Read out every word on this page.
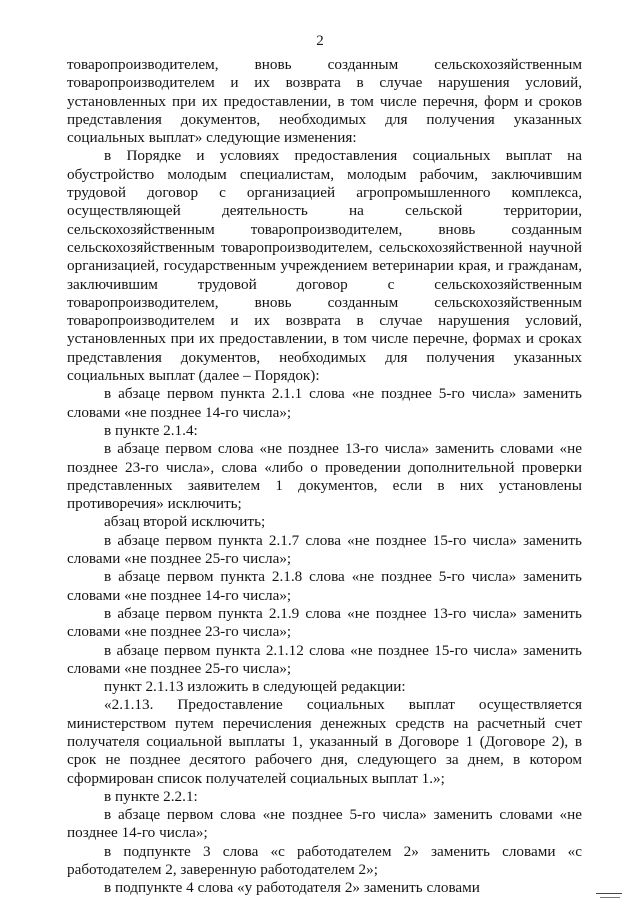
2

товаропроизводителем, вновь созданным сельскохозяйственным товаропроизводителем и их возврата в случае нарушения условий, установленных при их предоставлении, в том числе перечня, форм и сроков представления документов, необходимых для получения указанных социальных выплат» следующие изменения:

в Порядке и условиях предоставления социальных выплат на обустройство молодым специалистам, молодым рабочим, заключившим трудовой договор с организацией агропромышленного комплекса, осуществляющей деятельность на сельской территории, сельскохозяйственным товаропроизводителем, вновь созданным сельскохозяйственным товаропроизводителем, сельскохозяйственной научной организацией, государственным учреждением ветеринарии края, и гражданам, заключившим трудовой договор с сельскохозяйственным товаропроизводителем, вновь созданным сельскохозяйственным товаропроизводителем и их возврата в случае нарушения условий, установленных при их предоставлении, в том числе перечне, формах и сроках представления документов, необходимых для получения указанных социальных выплат (далее – Порядок):

в абзаце первом пункта 2.1.1 слова «не позднее 5-го числа» заменить словами «не позднее 14-го числа»;

в пункте 2.1.4:

в абзаце первом слова «не позднее 13-го числа» заменить словами «не позднее 23-го числа», слова «либо о проведении дополнительной проверки представленных заявителем 1 документов, если в них установлены противоречия» исключить;

абзац второй исключить;

в абзаце первом пункта 2.1.7 слова «не позднее 15-го числа» заменить словами «не позднее 25-го числа»;

в абзаце первом пункта 2.1.8 слова «не позднее 5-го числа» заменить словами «не позднее 14-го числа»;

в абзаце первом пункта 2.1.9 слова «не позднее 13-го числа» заменить словами «не позднее 23-го числа»;

в абзаце первом пункта 2.1.12 слова «не позднее 15-го числа» заменить словами «не позднее 25-го числа»;

пункт 2.1.13 изложить в следующей редакции:

«2.1.13. Предоставление социальных выплат осуществляется министерством путем перечисления денежных средств на расчетный счет получателя социальной выплаты 1, указанный в Договоре 1 (Договоре 2), в срок не позднее десятого рабочего дня, следующего за днем, в котором сформирован список получателей социальных выплат 1.»;

в пункте 2.2.1:

в абзаце первом слова «не позднее 5-го числа» заменить словами «не позднее 14-го числа»;

в подпункте 3 слова «с работодателем 2» заменить словами «с работодателем 2, заверенную работодателем 2»;

в подпункте 4 слова «у работодателя 2» заменить словами
